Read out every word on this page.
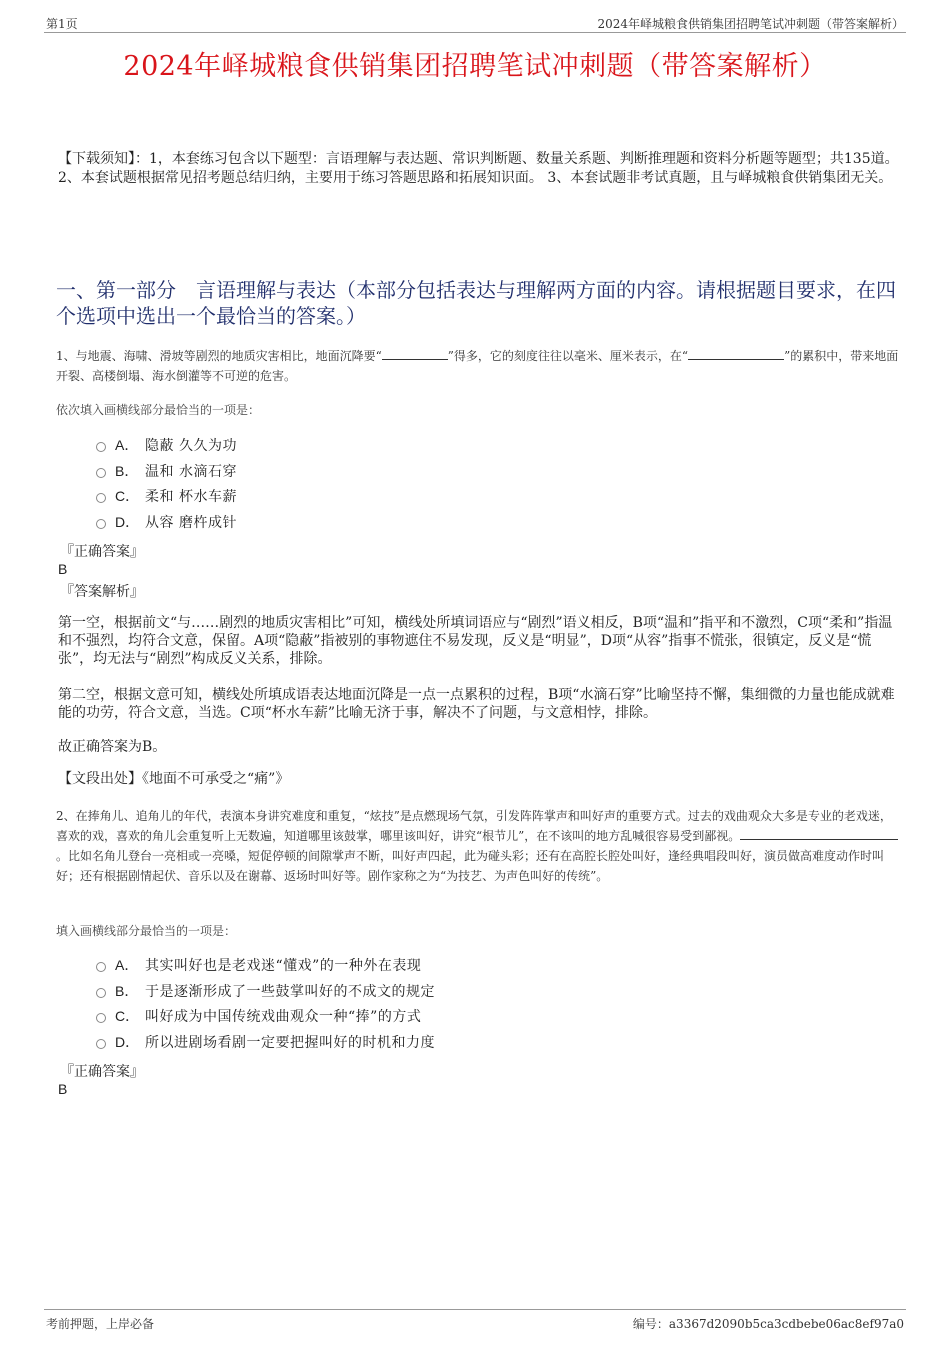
第1页	2024年峄城粮食供销集团招聘笔试冲刺题（带答案解析）
2024年峄城粮食供销集团招聘笔试冲刺题（带答案解析）
【下载须知】：1，本套练习包含以下题型：言语理解与表达题、常识判断题、数量关系题、判断推理题和资料分析题等题型；共135道。 2、本套试题根据常见招考题总结归纳，主要用于练习答题思路和拓展知识面。 3、本套试题非考试真题，且与峄城粮食供销集团无关。
一、第一部分　言语理解与表达（本部分包括表达与理解两方面的内容。请根据题目要求，在四个选项中选出一个最恰当的答案。）
1、与地震、海啸、滑坡等剧烈的地质灾害相比，地面沉降要“	”得多，它的刻度往往以毫米、厘米表示，在“	”的累积中，带来地面开裂、高楼倒塌、海水倒灌等不可逆的危害。
依次填入画横线部分最恰当的一项是：
A． 隐蔽 久久为功
B． 温和 水滴石穿
C． 柔和 杯水车薪
D． 从容 磨杵成针
『正确答案』
B
『答案解析』
第一空，根据前文“与……剧烈的地质灾害相比”可知，横线处所填词语应与“剧烈”语义相反，B项“温和”指平和不激烈，C项“柔和”指温和不强烈，均符合文意，保留。A项“隐蔽”指被别的事物遮住不易发现，反义是“明显”，D项“从容”指事不慌张，很镇定，反义是“慌张”，均无法与“剧烈”构成反义关系，排除。
第二空，根据文意可知，横线处所填成语表达地面沉降是一点一点累积的过程，B项“水滴石穿”比喻坚持不懈，集细微的力量也能成就难能的功劳，符合文意，当选。C项“杯水车薪”比喻无济于事，解决不了问题，与文意相悖，排除。
故正确答案为B。
【文段出处】《地面不可承受之“痛”》
2、在捧角儿、追角儿的年代，表演本身讲究难度和重复，“炫技”是点燃现场气氛，引发阵阵掌声和叫好声的重要方式。过去的戏曲观众大多是专业的老戏迷，喜欢的戏，喜欢的角儿会重复听上无数遍，知道哪里该鼓掌，哪里该叫好，讲究“根节儿”，在不该叫的地方乱喊很容易受到鄙视。。比如名角儿登台一亮相或一亮嗓，短促停顿的间隙掌声不断，叫好声四起，此为碰头彩；还有在高腔长腔处叫好，逢经典唱段叫好，演员做高难度动作时叫好；还有根据剧情起伏、音乐以及在谢幕、返场时叫好等。剧作家称之为“为技艺、为声色叫好的传统”。
填入画横线部分最恰当的一项是：
A． 其实叫好也是老戏迷“懂戏”的一种外在表现
B． 于是逐渐形成了一些鼓掌叫好的不成文的规定
C． 叫好成为中国传统戏曲观众一种“捧”的方式
D． 所以进剧场看剧一定要把握叫好的时机和力度
『正确答案』
B
考前押题，上岸必备	编号：a3367d2090b5ca3cdbebe06ac8ef97a0
